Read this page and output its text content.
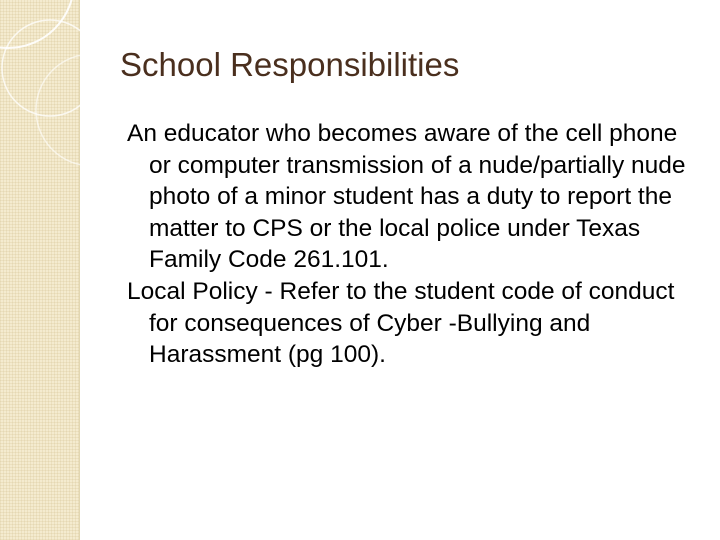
School Responsibilities

An educator who becomes aware of the cell phone or computer transmission of a nude/partially nude photo of a minor student has a duty to report the matter to CPS or the local police under Texas Family Code 261.101.

Local Policy - Refer to the student code of conduct for consequences of Cyber -Bullying and Harassment (pg 100).
